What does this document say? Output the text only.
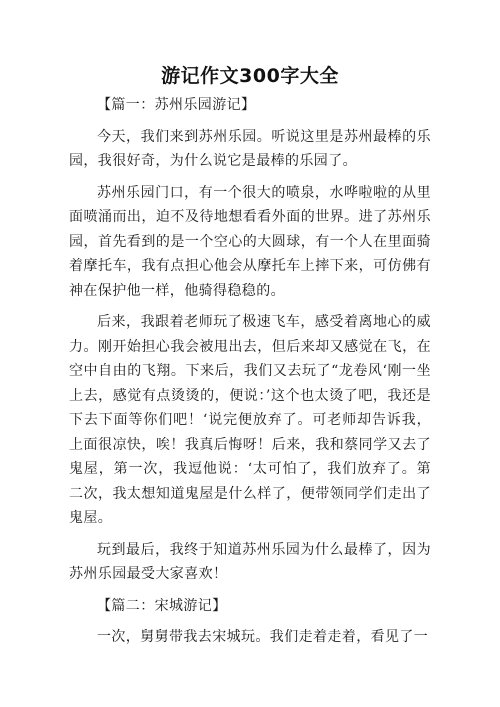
游记作文300字大全

【篇一：苏州乐园游记】

今天，我们来到苏州乐园。听说这里是苏州最棒的乐园，我很好奇，为什么说它是最棒的乐园了。

苏州乐园门口，有一个很大的喷泉，水哗啦啦的从里面喷涌而出，迫不及待地想看看外面的世界。进了苏州乐园，首先看到的是一个空心的大圆球，有一个人在里面骑着摩托车，我有点担心他会从摩托车上摔下来，可仿佛有神在保护他一样，他骑得稳稳的。

后来，我跟着老师玩了极速飞车，感受着离地心的威力。刚开始担心我会被甩出去，但后来却又感觉在飞，在空中自由的飞翔。下来后，我们又去玩了“龙卷风‘刚一坐上去，感觉有点烫烫的，便说：’这个也太烫了吧，我还是下去下面等你们吧！‘说完便放弃了。可老师却告诉我，上面很凉快，唉！我真后悔呀！后来，我和蔡同学又去了鬼屋，第一次，我逗他说：‘太可怕了，我们放弃了。第二次，我太想知道鬼屋是什么样了，便带领同学们走出了鬼屋。

玩到最后，我终于知道苏州乐园为什么最棒了，因为苏州乐园最受大家喜欢！

【篇二：宋城游记】

一次，舅舅带我去宋城玩。我们走着走着，看见了一
